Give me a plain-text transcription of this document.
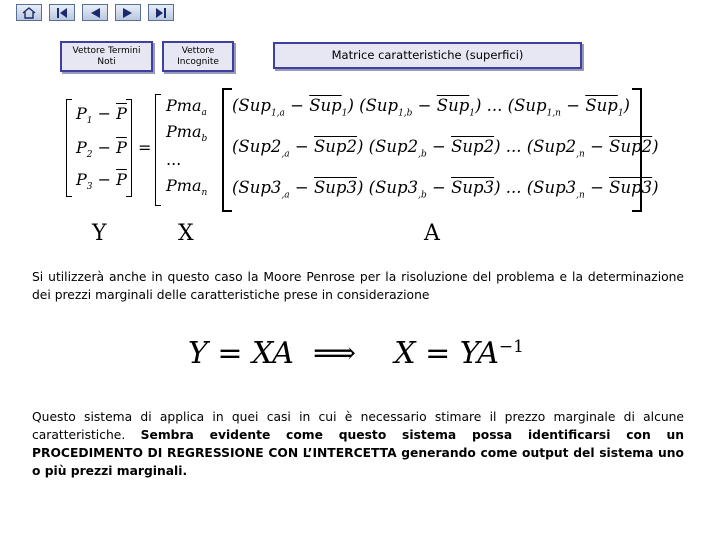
Vettore Termini Noti
Vettore Incognite	Matrice caratteristiche (superfici)
$P_1 - \overline{P}$
$P_2 - \overline{P}$
$P_3 - \overline{P}$
=
Pma$_a$
Pma$_b$
...
Pma$_n$
$(Sup_{1,a} - \overline{Sup}_1)$ $(Sup_{1,b} - \overline{Sup}_1)$ ... $(Sup_{1,n} - \overline{Sup}_1)$
$(Sup2_{,a} - Sup2) (Sup2_{,b} - Sup2)$ ... $(Sup2_{,n} - Sup2)$
$(Sup3_{,a} - Sup3) (Sup3_{,b} - Sup3)$ ... $(Sup3_{,n} - Sup3)$
Y	X	A
Si utilizzerà anche in questo caso la Moore Penrose per la risoluzione del problema e la determinazione dei prezzi marginali delle caratteristiche prese in considerazione
Y = XA  ⟹    $X = YA^{-1}$
Questo sistema di applica in quei casi in cui è necessario stimare il prezzo marginale di alcune caratteristiche. Sembra evidente come questo sistema possa identificarsi con un PROCEDIMENTO DI REGRESSIONE CON L’INTERCETTA generando come output del sistema uno o più prezzi marginali.
